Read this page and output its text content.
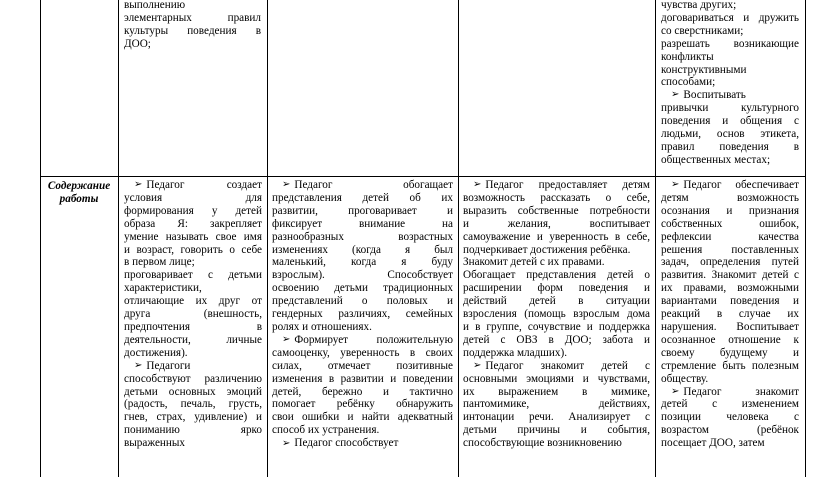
Содержание
работы
выполнению
элементарных правил
культуры поведения в
ДОО;
чувства других;
договариваться и дружить
со сверстниками;
разрешать возникающие
конфликты
конструктивными
способами;
➢ Воспитывать
привычки культурного
поведения и общения с
людьми, основ этикета,
правил поведения в
общественных местах;
➢ Педагог создает
условия для
формирования у детей
образа Я: закрепляет
умение называть свое имя
и возраст, говорить о себе
в первом лице;
проговаривает с детьми
характеристики,
отличающие их друг от
друга (внешность,
предпочтения в
деятельности, личные
достижения).
➢ Педагоги
способствуют различению
детьми основных эмоций
(радость, печаль, грусть,
гнев, страх, удивление) и
пониманию ярко
выраженных
➢ Педагог обогащает
представления детей об их
развитии, проговаривает и
фиксирует внимание на
разнообразных возрастных
изменениях (когда я был
маленький, когда я буду
взрослым). Способствует
освоению детьми традиционных
представлений о половых и
гендерных различиях, семейных
ролях и отношениях.
➢ Формирует положительную
самооценку, уверенность в своих
силах, отмечает позитивные
изменения в развитии и поведении
детей, бережно и тактично
помогает ребёнку обнаружить
свои ошибки и найти адекватный
способ их устранения.
➢ Педагог способствует
➢ Педагог предоставляет детям
возможность рассказать о себе,
выразить собственные потребности
и желания, воспитывает
самоуважение и уверенность в себе,
подчеркивает достижения ребёнка.
Знакомит детей с их правами.
Обогащает представления детей о
расширении форм поведения и
действий детей в ситуации
взросления (помощь взрослым дома
и в группе, сочувствие и поддержка
детей с ОВЗ в ДОО; забота и
поддержка младших).
➢ Педагог знакомит детей с
основными эмоциями и чувствами,
их выражением в мимике,
пантомимике, действиях,
интонации речи. Анализирует с
детьми причины и события,
способствующие возникновению
➢ Педагог обеспечивает
детям возможность
осознания и признания
собственных ошибок,
рефлексии качества
решения поставленных
задач, определения путей
развития. Знакомит детей с
их правами, возможными
вариантами поведения и
реакций в случае их
нарушения. Воспитывает
осознанное отношение к
своему будущему и
стремление быть полезным
обществу.
➢ Педагог знакомит
детей с изменением
позиции человека с
возрастом (ребёнок
посещает ДОО, затем
